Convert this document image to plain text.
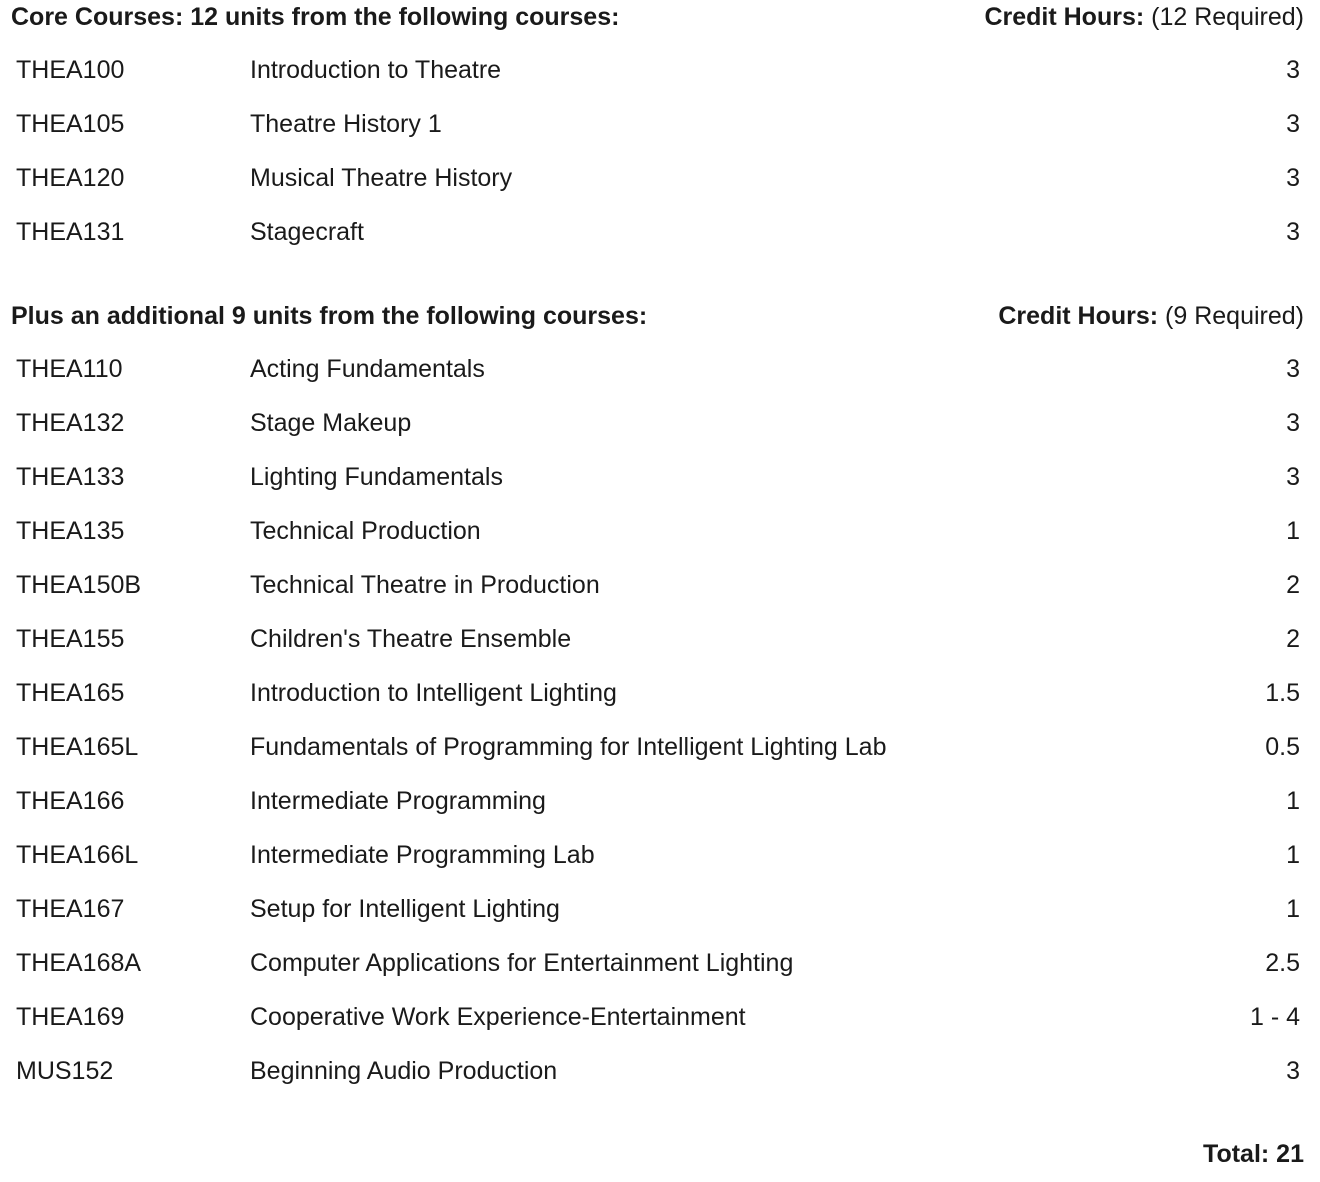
Core Courses: 12 units from the following courses:	Credit Hours: (12 Required)
THEA100	Introduction to Theatre	3
THEA105	Theatre History 1	3
THEA120	Musical Theatre History	3
THEA131	Stagecraft	3
Plus an additional 9 units from the following courses:	Credit Hours: (9 Required)
THEA110	Acting Fundamentals	3
THEA132	Stage Makeup	3
THEA133	Lighting Fundamentals	3
THEA135	Technical Production	1
THEA150B	Technical Theatre in Production	2
THEA155	Children's Theatre Ensemble	2
THEA165	Introduction to Intelligent Lighting	1.5
THEA165L	Fundamentals of Programming for Intelligent Lighting Lab	0.5
THEA166	Intermediate Programming	1
THEA166L	Intermediate Programming Lab	1
THEA167	Setup for Intelligent Lighting	1
THEA168A	Computer Applications for Entertainment Lighting	2.5
THEA169	Cooperative Work Experience-Entertainment	1 - 4
MUS152	Beginning Audio Production	3
Total: 21
